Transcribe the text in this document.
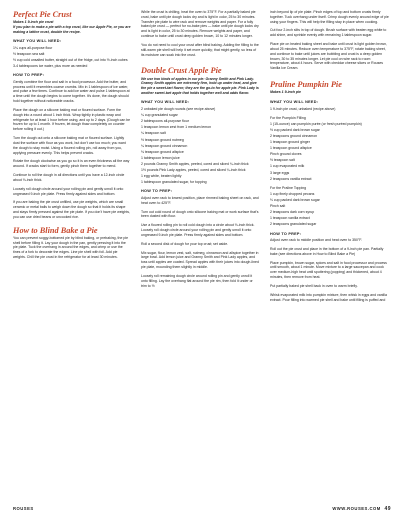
Perfect Pie Crust
Makes 1 9-inch pie crust
If you plan to make a pie with a top crust, like our Apple Pie, or you are making a lattice crust, double the recipe.
WHAT YOU WILL NEED:
1¼ cups all-purpose flour
½ teaspoon sea salt
½ cup cold unsalted butter, straight out of the fridge, cut into ½-inch cubes
3-4 tablespoons ice water, plus more as needed
HOW TO PREP:

Gently combine the flour and salt in a food processor. Add the butter, and process until it resembles coarse crumbs. Mix in 1 tablespoon of ice water, and pulse a few times. Continue to add ice water and pulse 1 tablespoon at a time until the dough begins to come together. It's done, the dough should hold together without noticeable cracks.

Place the dough on a silicone baking mat or floured surface. Form the dough into a round about 1 inch thick. Wrap tightly in plastic wrap and refrigerate for at least 1 hour before using, and up to 2 days. (Dough can be frozen for up to 1 month. If frozen, let dough thaw completely on counter before rolling it out.)

Turn the dough out onto a silicone baking mat or floured surface. Lightly dust the surface with flour as you work, but don't use too much; you want the dough to stay moist. Using a floured rolling pin, roll away from you, applying pressure evenly. This helps prevent cracks.

Rotate the dough clockwise as you go so it is an even thickness all the way around. If cracks start to form, gently pinch them together to mend.

Continue to roll the dough in all directions until you have a 12-inch circle about ⅛-inch thick.

Loosely roll dough circle around your rolling pin and gently unroll it onto ungreased 9-inch pie plate. Press firmly against sides and bottom.

If you are baking the pie crust unfilled, use pie weights, which are small ceramic or metal balls to weigh down the dough so that it holds its shape and stays firmly pressed against the pie plate. If you don't have pie weights, you can use dried beans or uncooked rice.

How to Blind Bake a Pie

You can prevent soggy-bottomed pie by blind baking, or prebaking, the pie shell before filling it. Lay your dough in the pan, gently pressing it into the pie plate. Tuck the overhang in around the edges, and crimp or use the tines of a fork to decorate the edges. Line pie shell with foil. Add pie weights. Chill the pie crust in the refrigerator for at least 30 minutes.

While the crust is chilling, heat the oven to 375°F. For a partially baked pie crust, bake until pie dough looks dry and is light in color, 25 to 30 minutes. Transfer pie plate to wire rack and remove weights and paper. For a fully baked pie crust — perfect for no-bake pies — bake until pie dough looks dry and is light in color, 25 to 30 minutes. Remove weights and paper, and continue to bake until crust deep golden brown, 10 to 12 minutes longer.

You do not need to cool your crust after blind baking. Adding the filling to the still-warm pie shell will help it set more quickly; that might gently, so less of its moisture can soak into the crust.

Double Crust Apple Pie
We use two kinds of apples in our pie: Granny Smith and Pink Lady. Granny Smith apples are extremely firm, hold up under heat, and give the pie a sweet-tart flavor; they are the go-to for apple pie. Pink Lady is another sweet-tart apple that holds together well and adds flavor.
WHAT YOU WILL NEED:
2 unbaked pie dough rounds (see recipe above)
¼ cup granulated sugar
2 tablespoons all-purpose flour
1 teaspoon lemon zest from 1 medium lemon
¼ teaspoon salt
½ teaspoon ground nutmeg
¼ teaspoon ground cinnamon
⅛ teaspoon ground allspice
1 tablespoon lemon juice
2 pounds Granny Smith apples, peeled, cored and sliced ¼-inch thick
1½ pounds Pink Lady apples, peeled, cored and sliced ¼-inch thick
1 egg white, beaten lightly
1 tablespoon granulated sugar, for topping
HOW TO PREP:

Adjust oven rack to lowest position, place rimmed baking sheet on rack, and heat oven to 425°F.

Turn out cold round of dough onto silicone baking mat or work surface that's been dusted with flour.

Use a floured rolling pin to roll cold dough into a circle about ⅛-inch thick. Loosely roll dough circle around your rolling pin and gently unroll it onto ungreased 9-inch pie plate. Press firmly against sides and bottom.

Roll a second disk of dough for your top crust; set aside.

Mix sugar, flour, lemon zest, salt, nutmeg, cinnamon and allspice together in large bowl. Add lemon juice and Granny Smith and Pink Lady apples, and toss until apples are coated. Spread apples with their juices into dough-lined pie plate, mounding them slightly in middle.

Loosely roll remaining dough circle around rolling pin and gently unroll it onto filling. Lay the overhang flat around the pie rim, then fold it under or trim to ½

inch beyond lip of pie plate. Pinch edges of top and bottom crusts firmly together. Tuck overhang under itself. Crimp dough evenly around edge of pie using your fingers. This will help the filling stay in place when cooking.

Cut four 2-inch slits in top of dough. Brush surface with beaten egg white to add shine, and sprinkle evenly with remaining 1 tablespoon sugar.

Place pie on heated baking sheet and bake until crust is light golden brown, about 25 minutes. Reduce oven temperature to 375°F, rotate baking sheet, and continue to bake until juices are bubbling and crust is a deep golden brown, 30 to 35 minutes longer. Let pie cool on wire rack to room temperature, about 4 hours. Serve with cheddar cheese slices or Rouses Vanilla Ice Cream.

Praline Pumpkin Pie
Makes 1 9-inch pie
WHAT YOU WILL NEED:
1 9-inch pie crust, unbaked (recipe above)
For the Pumpkin Filling
1 (15-ounce) can pumpkin purée (or fresh puréed pumpkin)
½ cup packed dark brown sugar
2 teaspoons ground cinnamon
1 teaspoon ground ginger
1 teaspoon ground allspice
Pinch ground cloves
½ teaspoon salt
1 cup evaporated milk
3 large eggs
2 teaspoons vanilla extract
For the Praline Topping
1 cup finely chopped pecans
⅓ cup packed dark brown sugar
Pinch salt
2 teaspoons dark corn syrup
1 teaspoon vanilla extract
2 teaspoons granulated sugar
HOW TO PREP:

Adjust oven rack to middle position and heat oven to 350°F.

Roll out the pie crust and place in the bottom of a 9-inch pie pan. Partially bake (see directions above in How to Blind Bake a Pie)

Place pumpkin, brown sugar, spices and salt in food processor and process until smooth, about 1 minute. Move mixture to a large saucepan and cook over medium-high heat until sputtering (popping) and thickened, about 4 minutes, then remove from heat.

Put partially baked pie shell back in oven to warm briefly.

Whisk evaporated milk into pumpkin mixture, then whisk in eggs and vanilla extract. Pour filling into warmed pie shell and bake until filling is puffed and

ROUSES	WWW.ROUSES.COM 49
